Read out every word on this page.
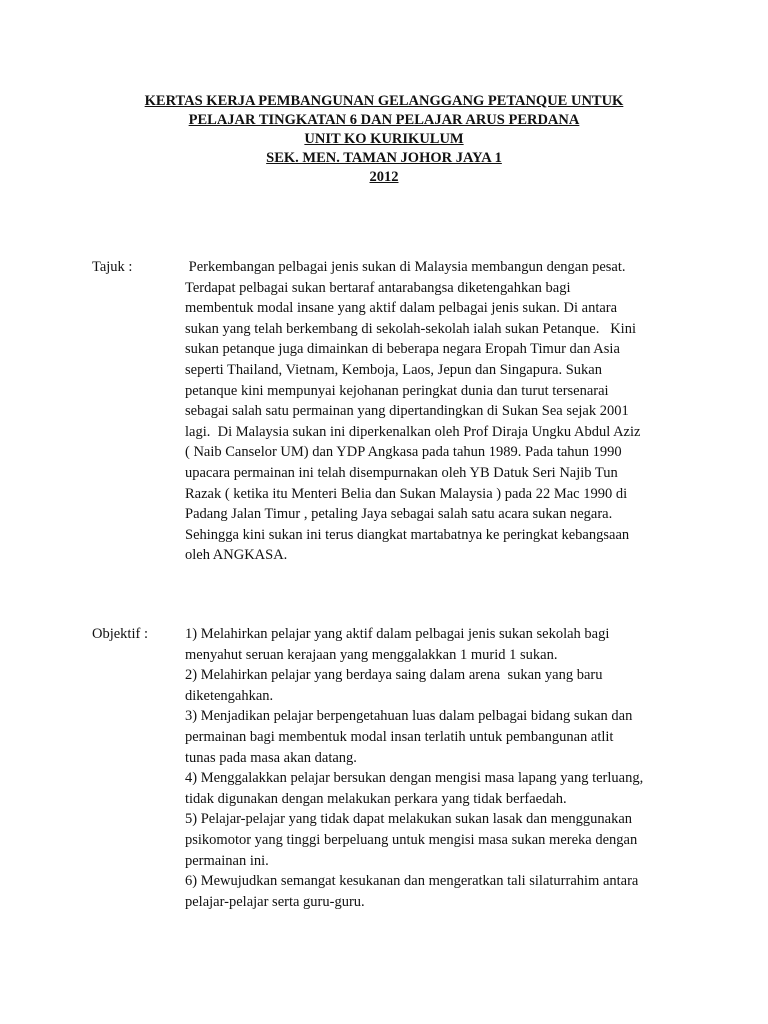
KERTAS KERJA PEMBANGUNAN GELANGGANG PETANQUE UNTUK
PELAJAR TINGKATAN 6 DAN PELAJAR ARUS PERDANA
UNIT KO KURIKULUM
SEK. MEN. TAMAN JOHOR JAYA 1
2012
Tajuk :	Perkembangan pelbagai jenis sukan di Malaysia membangun dengan pesat.
Terdapat pelbagai sukan bertaraf antarabangsa diketengahkan bagi
membentuk modal insane yang aktif dalam pelbagai jenis sukan. Di antara
sukan yang telah berkembang di sekolah-sekolah ialah sukan Petanque.   Kini
sukan petanque juga dimainkan di beberapa negara Eropah Timur dan Asia
seperti Thailand, Vietnam, Kemboja, Laos, Jepun dan Singapura. Sukan
petanque kini mempunyai kejohanan peringkat dunia dan turut tersenarai
sebagai salah satu permainan yang dipertandingkan di Sukan Sea sejak 2001
lagi.  Di Malaysia sukan ini diperkenalkan oleh Prof Diraja Ungku Abdul Aziz
( Naib Canselor UM) dan YDP Angkasa pada tahun 1989. Pada tahun 1990
upacara permainan ini telah disempurnakan oleh YB Datuk Seri Najib Tun
Razak ( ketika itu Menteri Belia dan Sukan Malaysia ) pada 22 Mac 1990 di
Padang Jalan Timur , petaling Jaya sebagai salah satu acara sukan negara.
Sehingga kini sukan ini terus diangkat martabatnya ke peringkat kebangsaan
oleh ANGKASA.
Objektif :	1) Melahirkan pelajar yang aktif dalam pelbagai jenis sukan sekolah bagi
menyahut seruan kerajaan yang menggalakkan 1 murid 1 sukan.
2) Melahirkan pelajar yang berdaya saing dalam arena  sukan yang baru
diketengahkan.
3) Menjadikan pelajar berpengetahuan luas dalam pelbagai bidang sukan dan
permainan bagi membentuk modal insan terlatih untuk pembangunan atlit
tunas pada masa akan datang.
4) Menggalakkan pelajar bersukan dengan mengisi masa lapang yang terluang,
tidak digunakan dengan melakukan perkara yang tidak berfaedah.
5) Pelajar-pelajar yang tidak dapat melakukan sukan lasak dan menggunakan
psikomotor yang tinggi berpeluang untuk mengisi masa sukan mereka dengan
permainan ini.
6) Mewujudkan semangat kesukanan dan mengeratkan tali silaturrahim antara
pelajar-pelajar serta guru-guru.
